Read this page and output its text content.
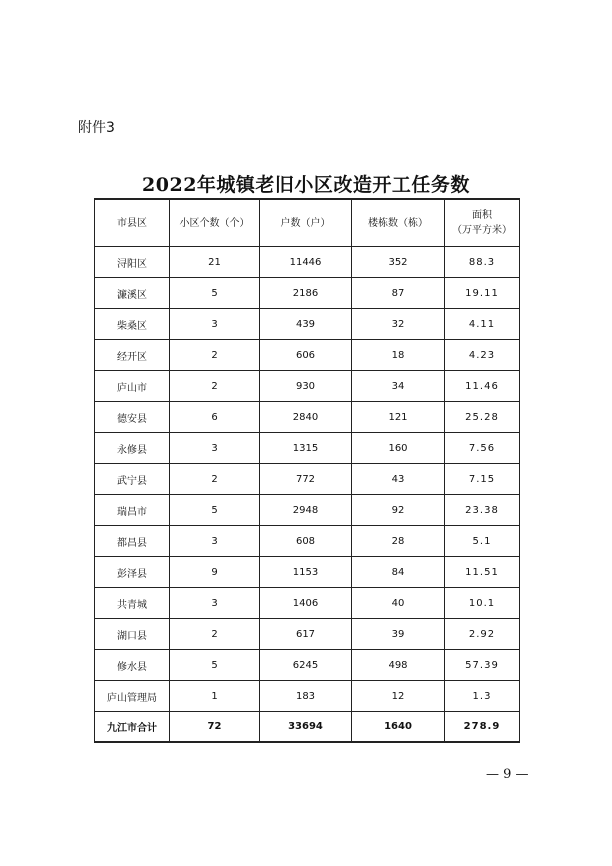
附件3
2022年城镇老旧小区改造开工任务数
市县区	小区个数（个）	户数（户）	楼栋数（栋）	面积
（万平方米）

浔阳区	21	11446	352	88.3
濂溪区	5	2186	87	19.11
柴桑区	3	439	32	4.11
经开区	2	606	18	4.23
庐山市	2	930	34	11.46
德安县	6	2840	121	25.28
永修县	3	1315	160	7.56
武宁县	2	772	43	7.15
瑞昌市	5	2948	92	23.38
都昌县	3	608	28	5.1
彭泽县	9	1153	84	11.51
共青城	3	1406	40	10.1
湖口县	2	617	39	2.92
修水县	5	6245	498	57.39
庐山管理局	1	183	12	1.3
九江市合计	72	33694	1640	278.9
— 9 —
